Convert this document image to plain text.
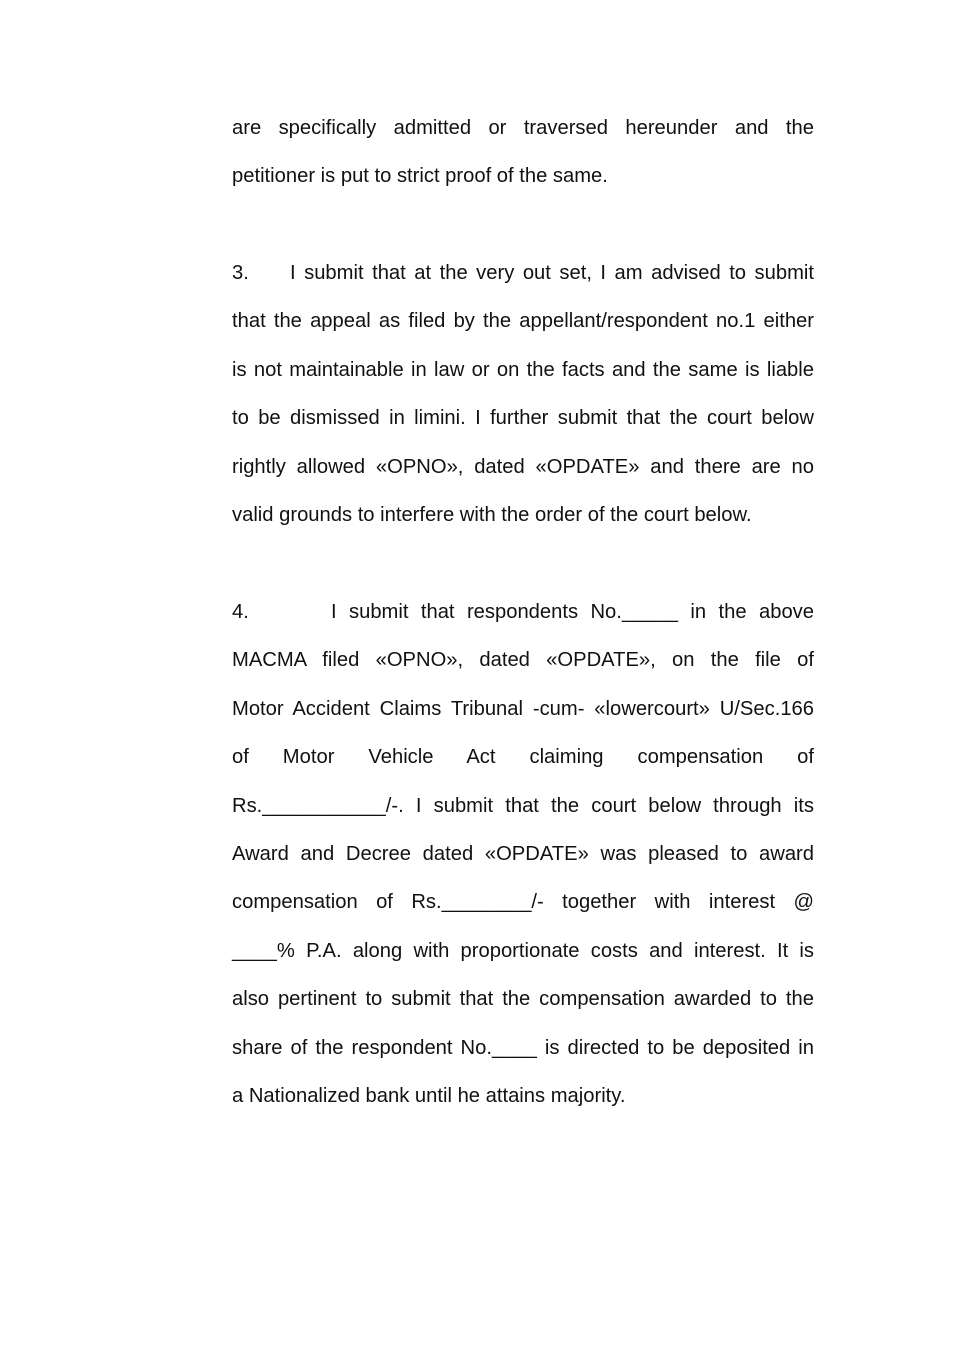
are specifically admitted or traversed hereunder and the
petitioner is put to strict proof of the same.
3.	I submit that at the very out set, I am advised to submit
that the appeal as filed by the appellant/respondent no.1 either
is not maintainable in law or on the facts and the same is liable
to be dismissed in limini. I further submit that the court below
rightly allowed «OPNO», dated «OPDATE» and there are no
valid grounds to interfere with the order of the court below.
4.	I submit that respondents No._____ in the above
MACMA filed «OPNO», dated «OPDATE», on the file of
Motor Accident Claims Tribunal -cum- «lowercourt» U/Sec.166
of Motor Vehicle Act claiming compensation of
Rs.___________/-. I submit that the court below through its
Award and Decree dated «OPDATE» was pleased to award
compensation of Rs.________/- together with interest @
____% P.A. along with proportionate costs and interest. It is
also pertinent to submit that the compensation awarded to the
share of the respondent No.____ is directed to be deposited in
a Nationalized bank until he attains majority.
